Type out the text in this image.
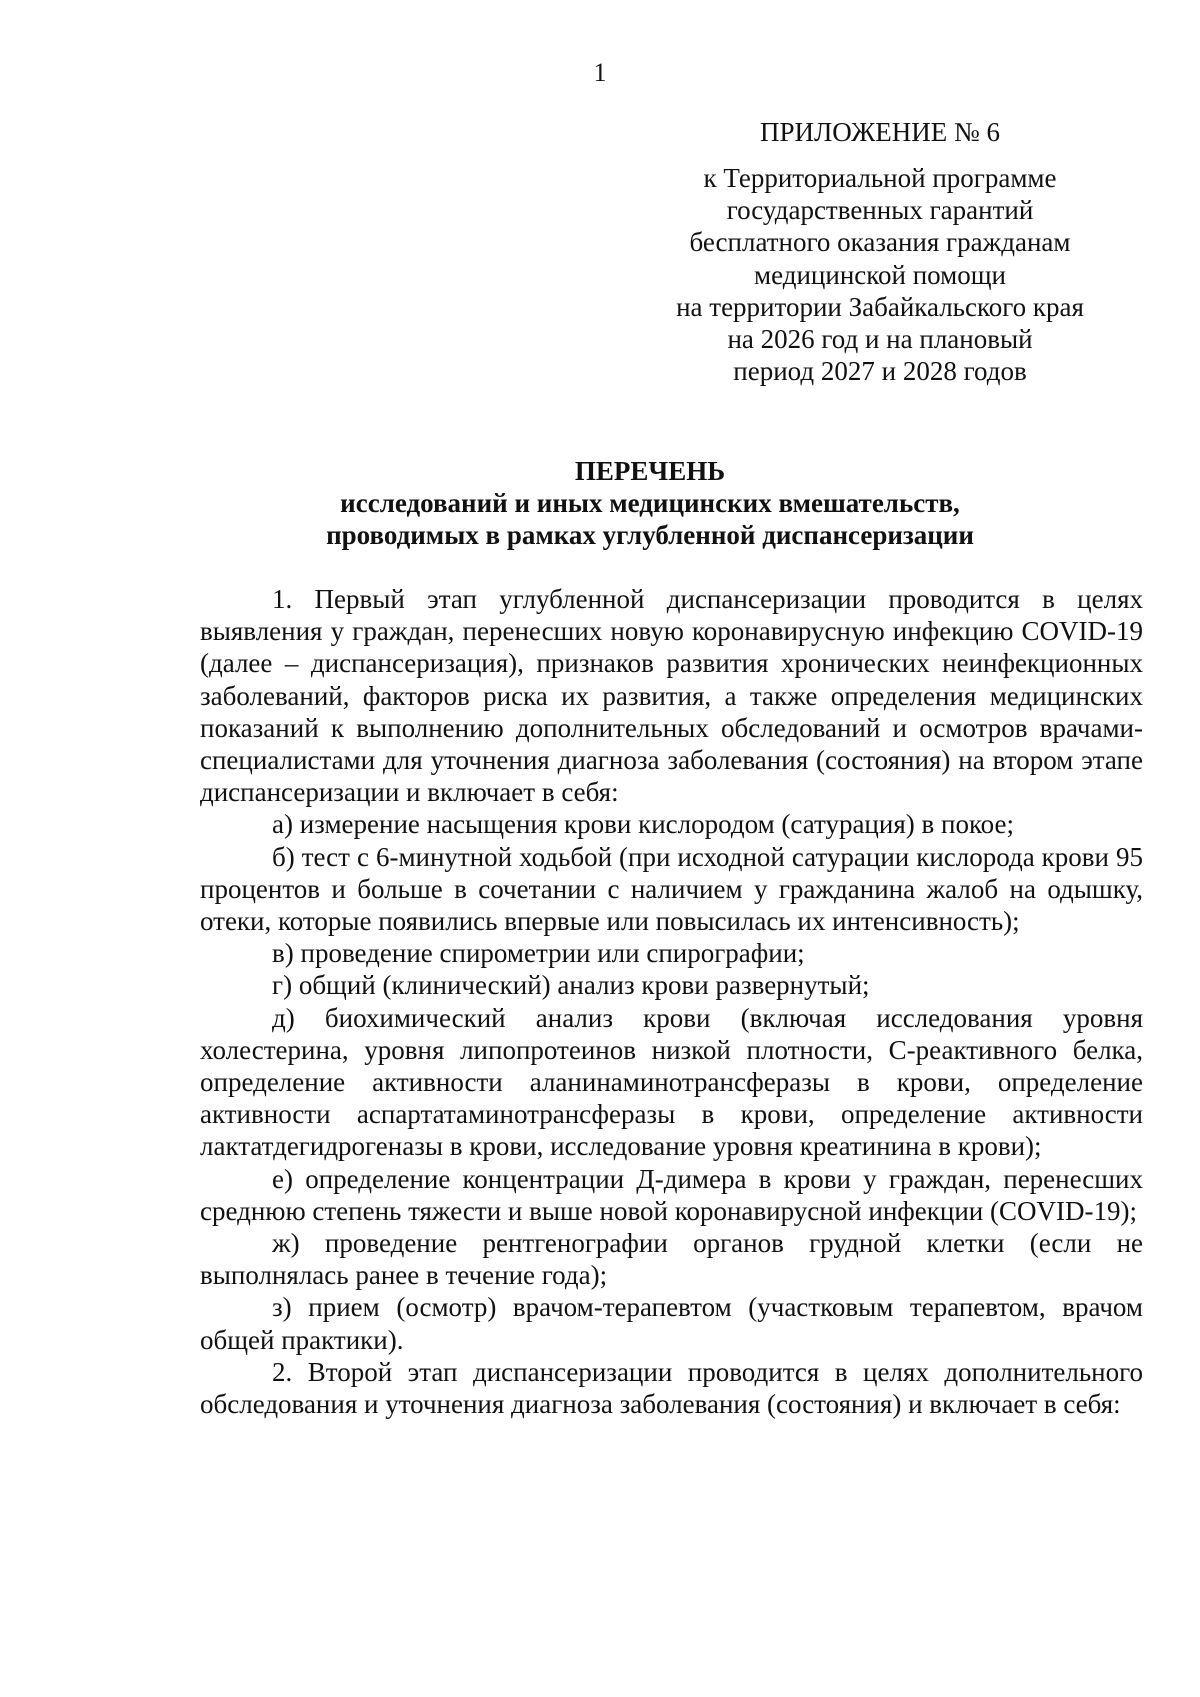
1
ПРИЛОЖЕНИЕ № 6
к Территориальной программе
государственных гарантий
бесплатного оказания гражданам
медицинской помощи
на территории Забайкальского края
на 2026 год и на плановый
период 2027 и 2028 годов
ПЕРЕЧЕНЬ
исследований и иных медицинских вмешательств,
проводимых в рамках углубленной диспансеризации

1. Первый этап углубленной диспансеризации проводится в целях выявления у граждан, перенесших новую коронавирусную инфекцию COVID-19 (далее – диспансеризация), признаков развития хронических неинфекционных заболеваний, факторов риска их развития, а также определения медицинских показаний к выполнению дополнительных обследований и осмотров врачами-специалистами для уточнения диагноза заболевания (состояния) на втором этапе диспансеризации и включает в себя:

а) измерение насыщения крови кислородом (сатурация) в покое;

б) тест с 6-минутной ходьбой (при исходной сатурации кислорода крови 95 процентов и больше в сочетании с наличием у гражданина жалоб на одышку, отеки, которые появились впервые или повысилась их интенсивность);

в) проведение спирометрии или спирографии;

г) общий (клинический) анализ крови развернутый;

д) биохимический анализ крови (включая исследования уровня холестерина, уровня липопротеинов низкой плотности, С-реактивного белка, определение активности аланинаминотрансферазы в крови, определение активности аспартатаминотрансферазы в крови, определение активности лактатдегидрогеназы в крови, исследование уровня креатинина в крови);

е) определение концентрации Д-димера в крови у граждан, перенесших среднюю степень тяжести и выше новой коронавирусной инфекции (COVID-19);

ж) проведение рентгенографии органов грудной клетки (если не выполнялась ранее в течение года);

з) прием (осмотр) врачом-терапевтом (участковым терапевтом, врачом общей практики).

2. Второй этап диспансеризации проводится в целях дополнительного обследования и уточнения диагноза заболевания (состояния) и включает в себя:
